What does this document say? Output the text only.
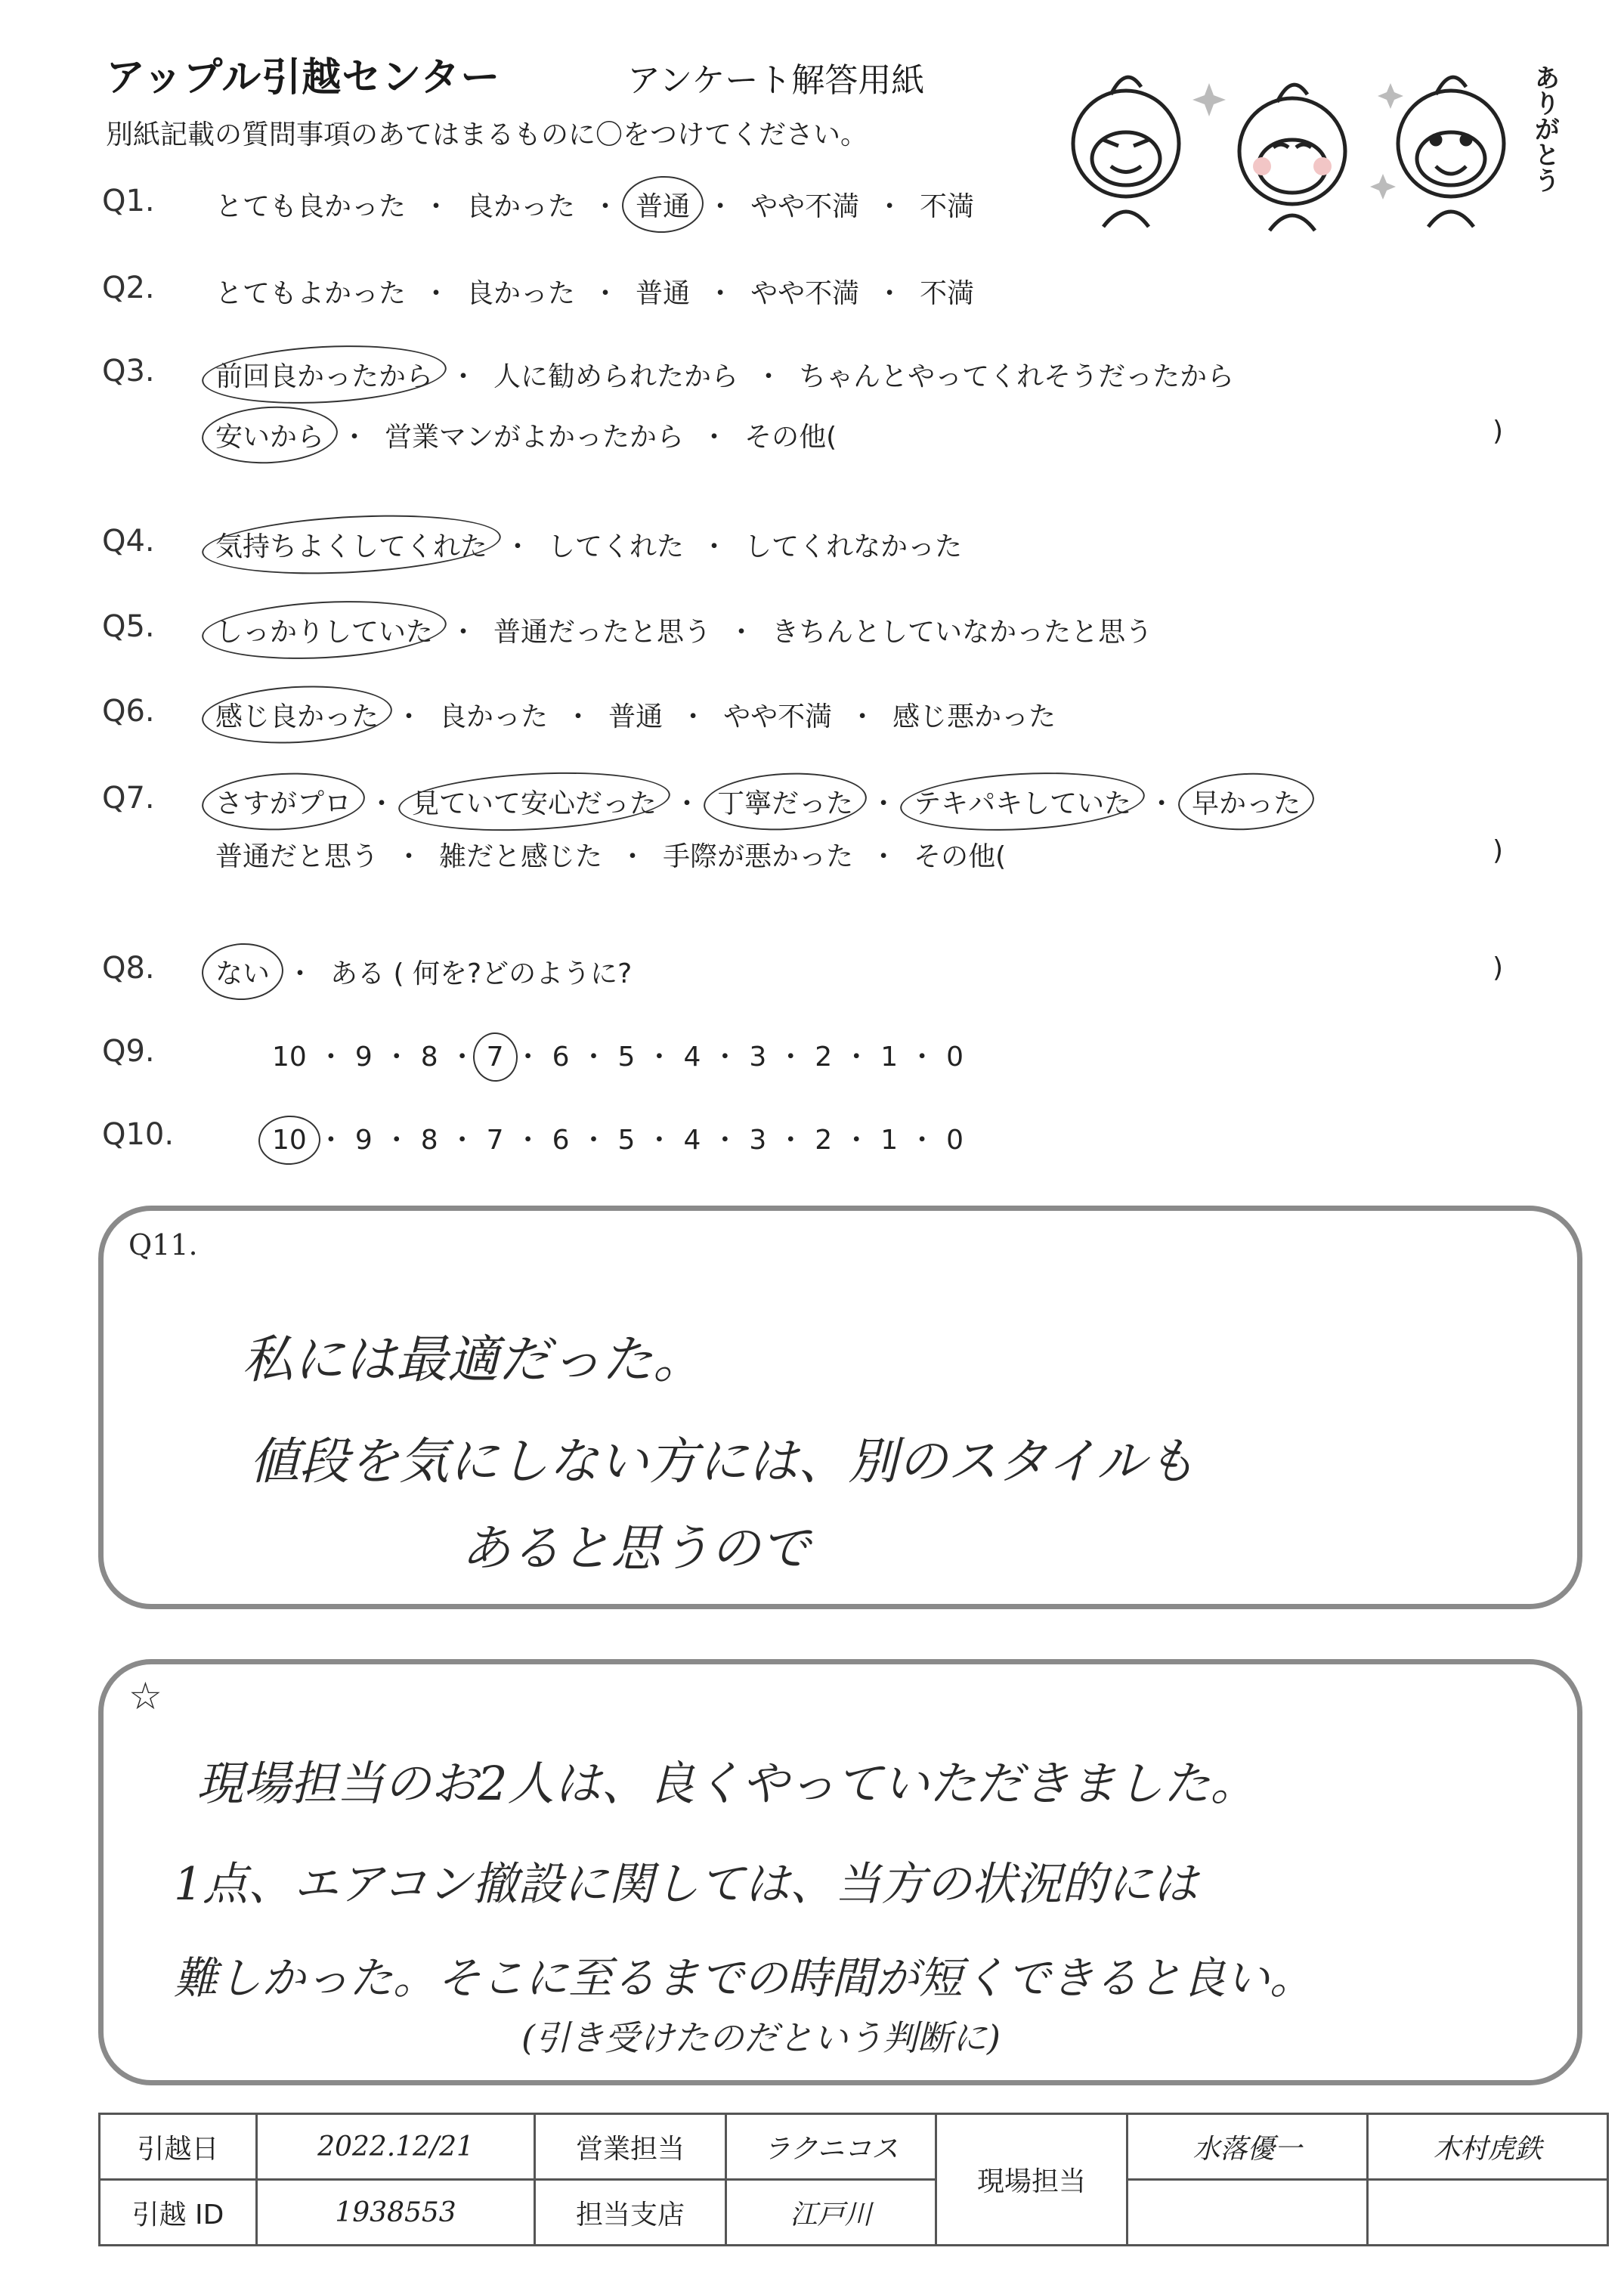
アップル引越センター	アンケート解答用紙
別紙記載の質問事項のあてはまるものに〇をつけてください。	ありがとう
Q1. とても良かった ・ 良かった ・ 普通 ・ やや不満 ・ 不満
Q2. とてもよかった ・ 良かった ・ 普通 ・ やや不満 ・ 不満
Q3. 前回良かったから ・ 人に勧められたから ・ ちゃんとやってくれそうだったから
安いから ・ 営業マンがよかったから ・ その他(	)
Q4. 気持ちよくしてくれた ・ してくれた ・ してくれなかった
Q5. しっかりしていた ・ 普通だったと思う ・ きちんとしていなかったと思う
Q6. 感じ良かった ・ 良かった ・ 普通 ・ やや不満 ・ 感じ悪かった
Q7. さすがプロ ・ 見ていて安心だった ・ 丁寧だった ・ テキパキしていた ・ 早かった
普通だと思う ・ 雑だと感じた ・ 手際が悪かった ・ その他(	)
Q8. ない ・ ある ( 何を?どのように?	)
Q9.	10 ・ 9 ・ 8 ・ 7 ・ 6 ・ 5 ・ 4 ・ 3 ・ 2 ・ 1 ・ 0
Q10.	10 ・ 9 ・ 8 ・ 7 ・ 6 ・ 5 ・ 4 ・ 3 ・ 2 ・ 1 ・ 0
Q11.
私には最適だった。
値段を気にしない方には、別のスタイルも
あると思うので
☆
現場担当のお2人は、良くやっていただきました。
1点、エアコン撤設に関しては、当方の状況的には
難しかった。そこに至るまでの時間が短くできると良い。
(引き受けたのだという判断に)
引越日	2022.12/21	営業担当	ラクニコス	現場担当	水落優一	木村虎鉄
引越 ID	1938553	担当支店	江戸川			
